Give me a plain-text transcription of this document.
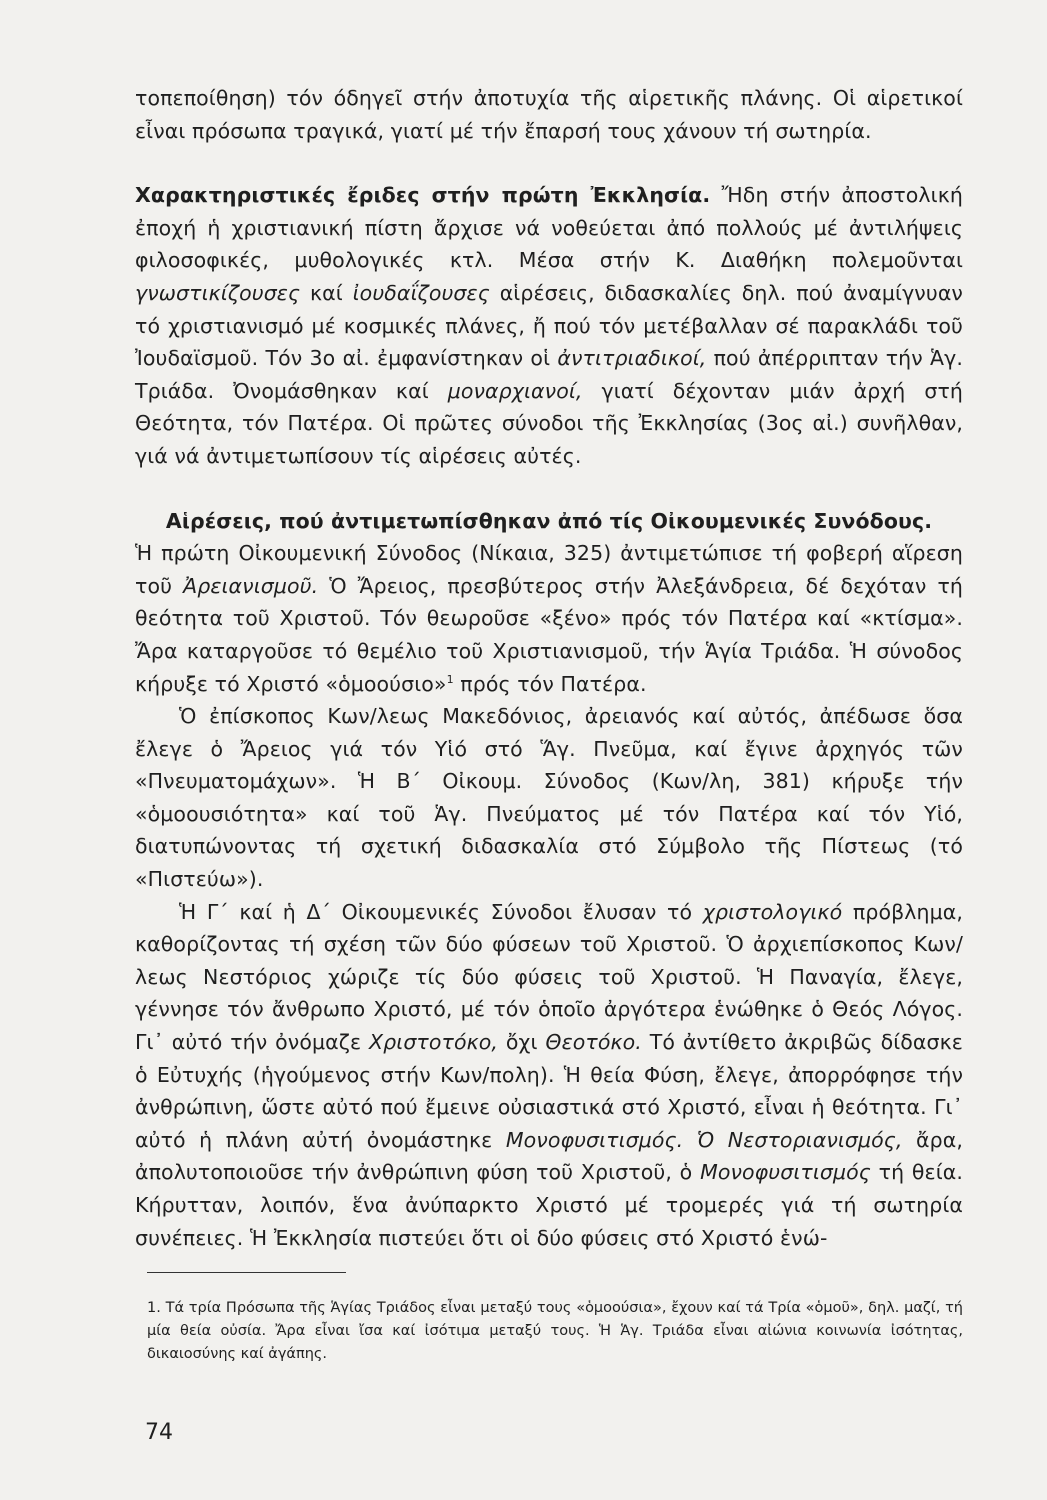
τοπεποίθηση) τόν όδηγεῖ στήν ἀποτυχία τῆς αἱρετικῆς πλάνης. Οἱ αἱρετικοί εἶναι πρόσωπα τραγικά, γιατί μέ τήν ἔπαρσή τους χάνουν τή σωτηρία.

Χαρακτηριστικές ἔριδες στήν πρώτη Ἐκκλησία. Ἤδη στήν ἀποστολική ἐποχή ἡ χριστιανική πίστη ἄρχισε νά νοθεύεται ἀπό πολλούς μέ ἀντιλήψεις φιλοσοφικές, μυθολογικές κτλ. Μέσα στήν Κ. Διαθήκη πολεμοῦνται γνωστικίζουσες καί ἰουδαΐζουσες αἱρέσεις, διδασκαλίες δηλ. πού ἀναμίγνυαν τό χριστιανισμό μέ κοσμικές πλάνες, ἤ πού τόν μετέβαλλαν σέ παρακλάδι τοῦ Ἰουδαϊσμοῦ. Τόν 3ο αἰ. ἐμφανίστηκαν οἱ ἀντιτριαδικοί, πού ἀπέρριπταν τήν Ἁγ. Τριάδα. Ὀνομάσθηκαν καί μοναρχιανοί, γιατί δέχονταν μιάν ἀρχή στή Θεότητα, τόν Πατέρα. Οἱ πρῶτες σύνοδοι τῆς Ἐκκλησίας (3ος αἰ.) συνῆλθαν, γιά νά ἀντιμετωπίσουν τίς αἱρέσεις αὐτές.

Αἱρέσεις, πού ἀντιμετωπίσθηκαν ἀπό τίς Οἰκουμενικές Συνόδους.

Ἡ πρώτη Οἰκουμενική Σύνοδος (Νίκαια, 325) ἀντιμετώπισε τή φοβερή αἵρεση τοῦ Ἀρειανισμοῦ. Ὁ Ἄρειος, πρεσβύτερος στήν Ἀλεξάνδρεια, δέ δεχόταν τή θεότητα τοῦ Χριστοῦ. Τόν θεωροῦσε «ξένο» πρός τόν Πατέρα καί «κτίσμα». Ἄρα καταργοῦσε τό θεμέλιο τοῦ Χριστιανισμοῦ, τήν Ἁγία Τριάδα. Ἡ σύνοδος κήρυξε τό Χριστό «ὁμοούσιο»$^1$ πρός τόν Πατέρα.

Ὁ ἐπίσκοπος Κων/λεως Μακεδόνιος, ἀρειανός καί αὐτός, ἀπέδωσε ὅσα ἔλεγε ὁ Ἄρειος γιά τόν Υἱό στό Ἅγ. Πνεῦμα, καί ἔγινε ἀρχηγός τῶν «Πνευματομάχων». Ἡ Β΄ Οἰκουμ. Σύνοδος (Κων/λη, 381) κήρυξε τήν «ὁμοουσιότητα» καί τοῦ Ἁγ. Πνεύματος μέ τόν Πατέρα καί τόν Υἱό, διατυπώνοντας τή σχετική διδασκαλία στό Σύμβολο τῆς Πίστεως (τό «Πιστεύω»).

Ἡ Γ΄ καί ἡ Δ΄ Οἰκουμενικές Σύνοδοι ἔλυσαν τό χριστολογικό πρόβλημα, καθορίζοντας τή σχέση τῶν δύο φύσεων τοῦ Χριστοῦ. Ὁ ἀρχιεπίσκοπος Κων/λεως Νεστόριος χώριζε τίς δύο φύσεις τοῦ Χριστοῦ. Ἡ Παναγία, ἔλεγε, γέννησε τόν ἄνθρωπο Χριστό, μέ τόν ὁποῖο ἀργότερα ἑνώθηκε ὁ Θεός Λόγος. Γι᾿ αὐτό τήν ὀνόμαζε Χριστοτόκο, ὄχι Θεοτόκο. Τό ἀντίθετο ἀκριβῶς δίδασκε ὁ Εὐτυχής (ἡγούμενος στήν Κων/πολη). Ἡ θεία Φύση, ἔλεγε, ἀπορρόφησε τήν ἀνθρώπινη, ὥστε αὐτό πού ἔμεινε οὐσιαστικά στό Χριστό, εἶναι ἡ θεότητα. Γι᾿ αὐτό ἡ πλάνη αὐτή ὀνομάστηκε Μονοφυσιτισμός. Ὁ Νεστοριανισμός, ἄρα, ἀπολυτοποιοῦσε τήν ἀνθρώπινη φύση τοῦ Χριστοῦ, ὁ Μονοφυσιτισμός τή θεία. Κήρυτταν, λοιπόν, ἕνα ἀνύπαρκτο Χριστό μέ τρομερές γιά τή σωτηρία συνέπειες. Ἡ Ἐκκλησία πιστεύει ὅτι οἱ δύο φύσεις στό Χριστό ἑνώ-

1. Τά τρία Πρόσωπα τῆς Ἁγίας Τριάδος εἶναι μεταξύ τους «ὁμοούσια», ἔχουν καί τά Τρία «ὁμοῦ», δηλ. μαζί, τή μία θεία οὐσία. Ἄρα εἶναι ἴσα καί ἰσότιμα μεταξύ τους. Ἡ Ἁγ. Τριάδα εἶναι αἰώνια κοινωνία ἰσότητας, δικαιοσύνης καί ἀγάπης.

74
